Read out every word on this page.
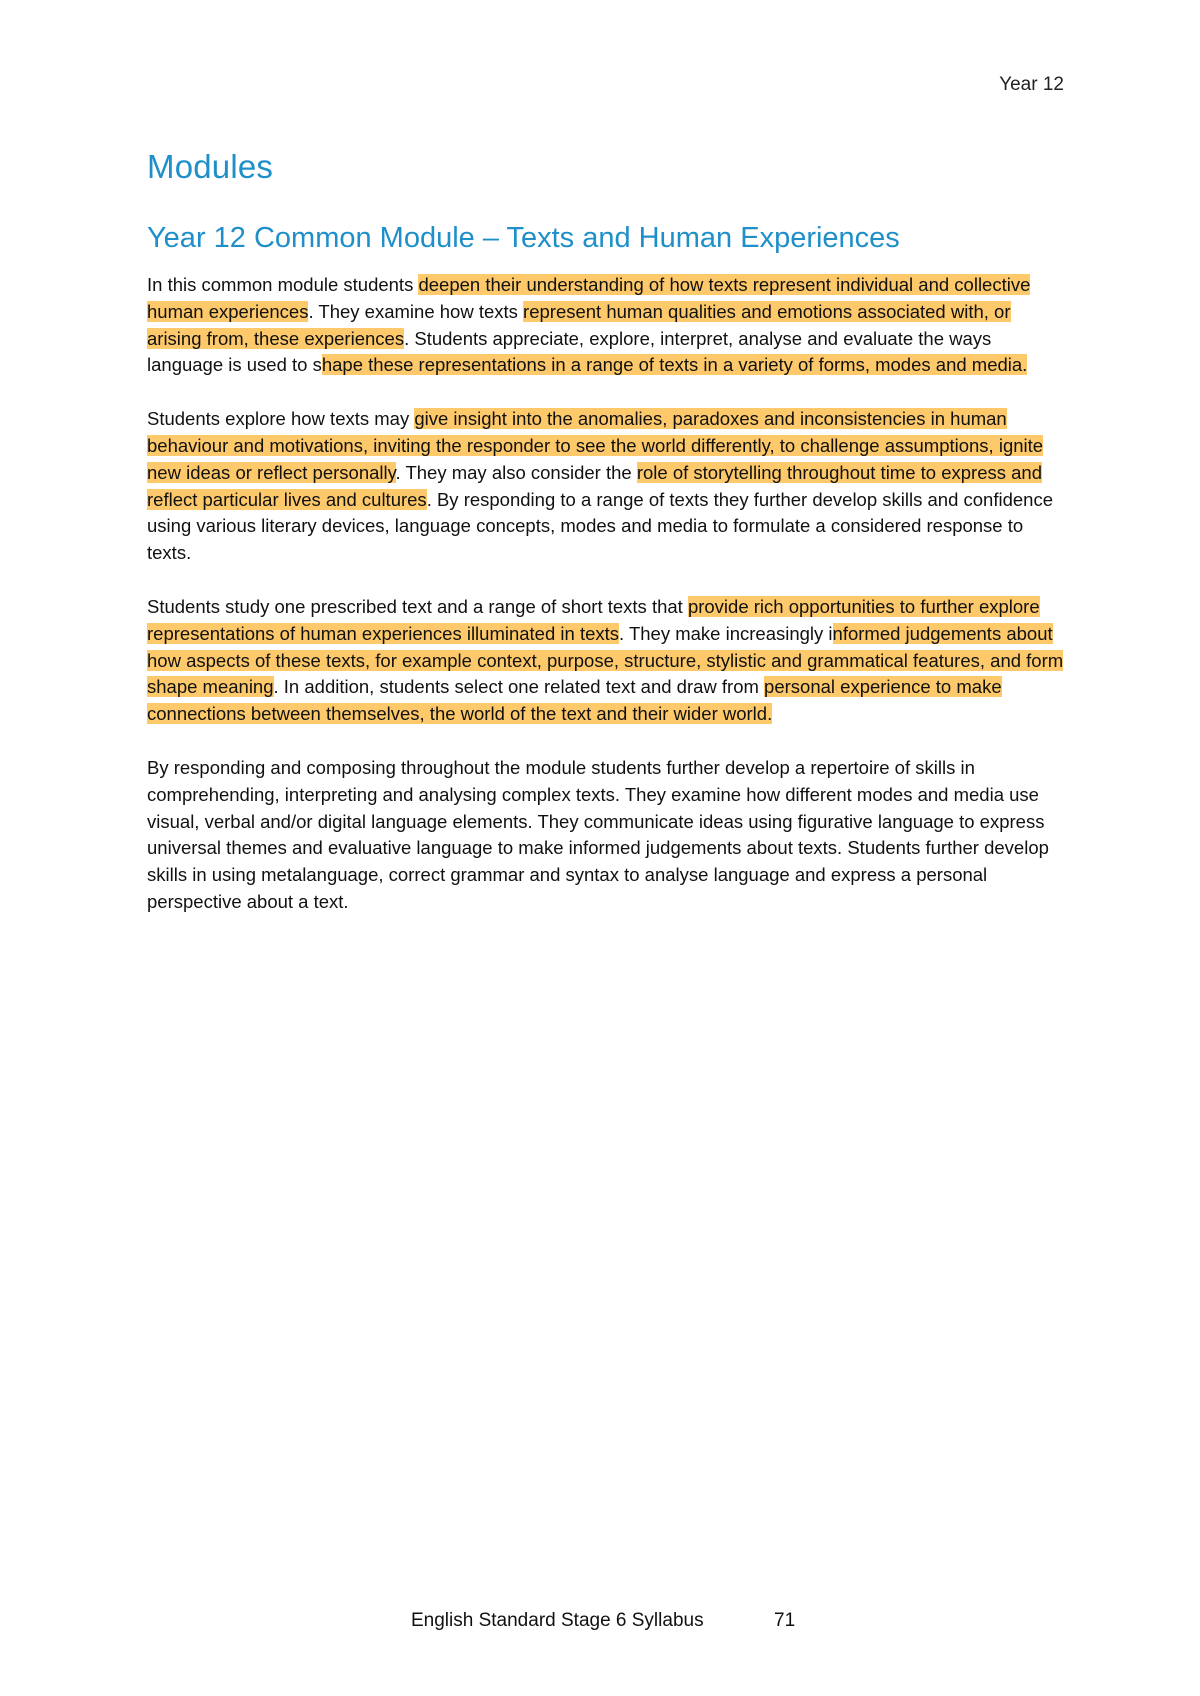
Year 12
Modules
Year 12 Common Module – Texts and Human Experiences

In this common module students deepen their understanding of how texts represent individual and collective human experiences. They examine how texts represent human qualities and emotions associated with, or arising from, these experiences. Students appreciate, explore, interpret, analyse and evaluate the ways language is used to shape these representations in a range of texts in a variety of forms, modes and media.

Students explore how texts may give insight into the anomalies, paradoxes and inconsistencies in human behaviour and motivations, inviting the responder to see the world differently, to challenge assumptions, ignite new ideas or reflect personally. They may also consider the role of storytelling throughout time to express and reflect particular lives and cultures. By responding to a range of texts they further develop skills and confidence using various literary devices, language concepts, modes and media to formulate a considered response to texts.

Students study one prescribed text and a range of short texts that provide rich opportunities to further explore representations of human experiences illuminated in texts. They make increasingly informed judgements about how aspects of these texts, for example context, purpose, structure, stylistic and grammatical features, and form shape meaning. In addition, students select one related text and draw from personal experience to make connections between themselves, the world of the text and their wider world.

By responding and composing throughout the module students further develop a repertoire of skills in comprehending, interpreting and analysing complex texts. They examine how different modes and media use visual, verbal and/or digital language elements. They communicate ideas using figurative language to express universal themes and evaluative language to make informed judgements about texts. Students further develop skills in using metalanguage, correct grammar and syntax to analyse language and express a personal perspective about a text.

English Standard Stage 6 Syllabus	71
